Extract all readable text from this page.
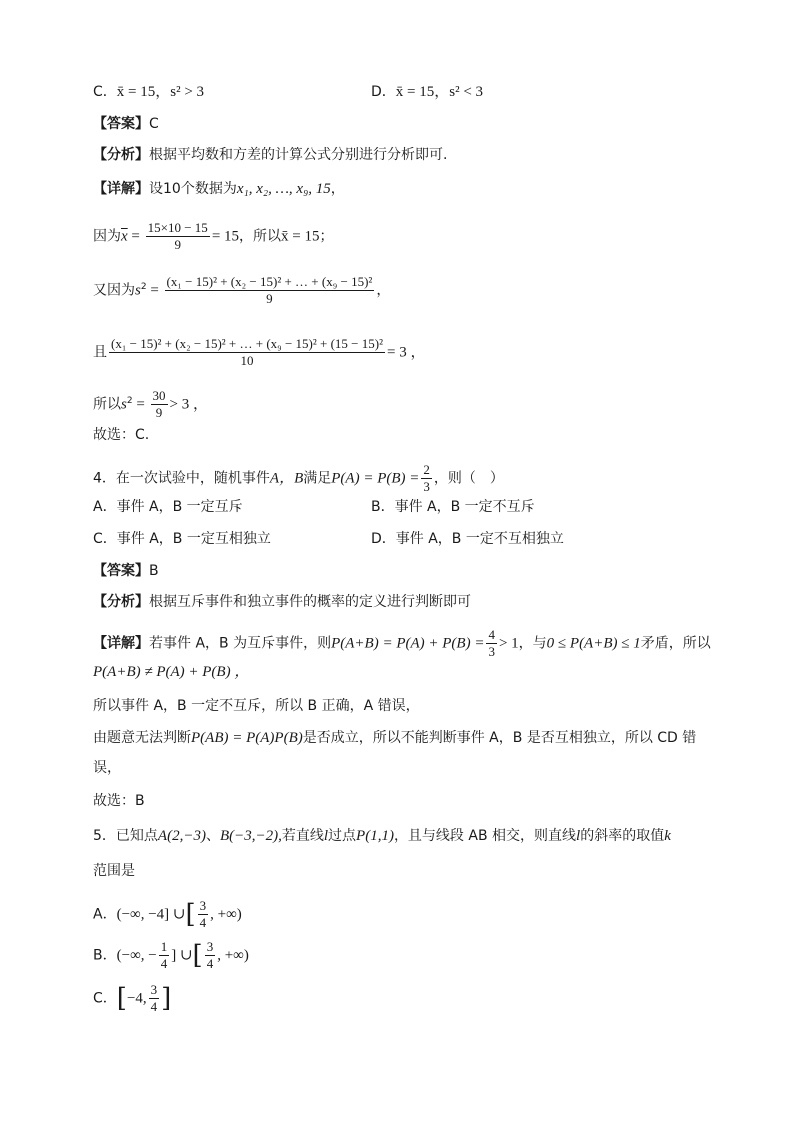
C．x̄ = 15，s² > 3	D．x̄ = 15，s² < 3
【答案】C
【分析】根据平均数和方差的计算公式分别进行分析即可.
【详解】设10个数据为x₁, x₂, …, x₉, 15，
因为$\overline{x} = \frac{15\times 10 - 15}{9} = 15$，所以x̄ = 15；
又因为$s^2 = \frac{\text{(x₁ − 15)² + (x₂ − 15)² + … + (x₉ − 15)²}}{9}$ ，
且 $\frac{\text{(x₁ − 15)² + (x₂ − 15)² + … + (x₉ − 15)² + (15 − 15)²}}{10} = 3$ ，
所以$s^2 = \frac{30}{9} > 3$ ，
故选：C.
4．在一次试验中，随机事件A，B满足$P(A) = P(B) = \frac{2}{3}$ ，则（　）
A．事件 A，B 一定互斥	B．事件 A，B 一定不互斥
C．事件 A，B 一定互相独立	D．事件 A，B 一定不互相独立
【答案】B
【分析】根据互斥事件和独立事件的概率的定义进行判断即可
【详解】若事件 A，B 为互斥事件，则$P(A+B) = P(A) + P(B) = \frac{4}{3} > 1$，与0 ≤ P(A+B) ≤ 1矛盾，所以
P(A+B) ≠ P(A) + P(B) ，
所以事件 A，B 一定不互斥，所以 B 正确，A 错误，
由题意无法判断P(AB) = P(A)P(B)是否成立，所以不能判断事件 A，B 是否互相独立，所以 CD 错
误，
故选：B
5．已知点A(2,−3)、B(−3,−2),若直线l过点P(1,1)，且与线段 AB 相交，则直线l的斜率的取值k
范围是
A．(−∞, −4] ∪[ $\frac{3}{4}$ , +∞)
B．(−∞, − $\frac{1}{4}$ ] ∪[ $\frac{3}{4}$ , +∞)
C．[−4, $\frac{3}{4}$ ]
